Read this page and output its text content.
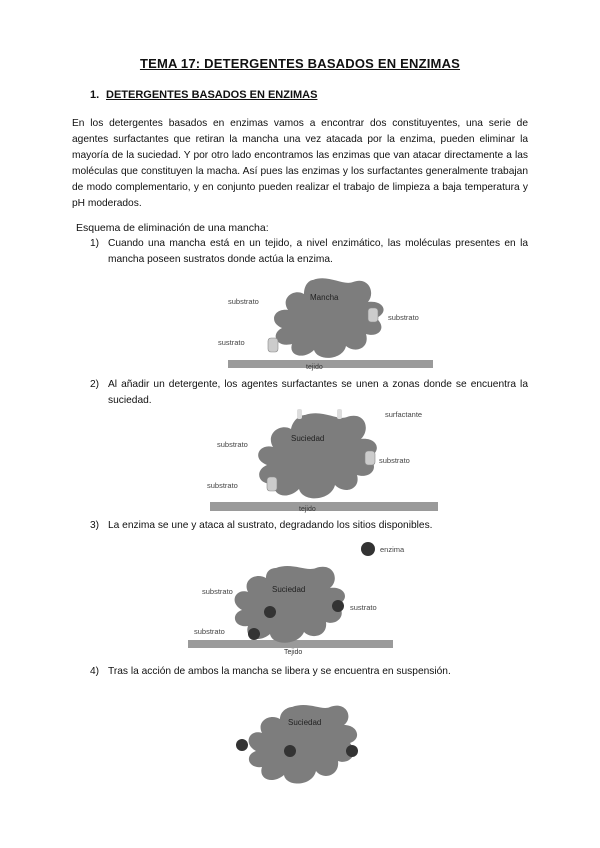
TEMA 17: DETERGENTES BASADOS EN ENZIMAS
1. DETERGENTES BASADOS EN ENZIMAS
En los detergentes basados en enzimas vamos a encontrar dos constituyentes, una serie de agentes surfactantes que retiran la mancha una vez atacada por la enzima, pueden eliminar la mayoría de la suciedad. Y por otro lado encontramos las enzimas que van atacar directamente a las moléculas que constituyen la macha. Así pues las enzimas y los surfactantes generalmente trabajan de modo complementario, y en conjunto pueden realizar el trabajo de limpieza a baja temperatura y pH moderados.
Esquema de eliminación de una mancha:
1) Cuando una mancha está en un tejido, a nivel enzimático, las moléculas presentes en la mancha poseen sustratos donde actúa la enzima.
Mancha
substrato
substrato
sustrato
tejido
2) Al añadir un detergente, los agentes surfactantes se unen a zonas donde se encuentra la suciedad.
Suciedad
surfactante
substrato
substrato
substrato
tejido
3) La enzima se une y ataca al sustrato, degradando los sitios disponibles.
enzima
Suciedad
substrato
sustrato
substrato
Tejido
4) Tras la acción de ambos la mancha se libera y se encuentra en suspensión.
Suciedad
